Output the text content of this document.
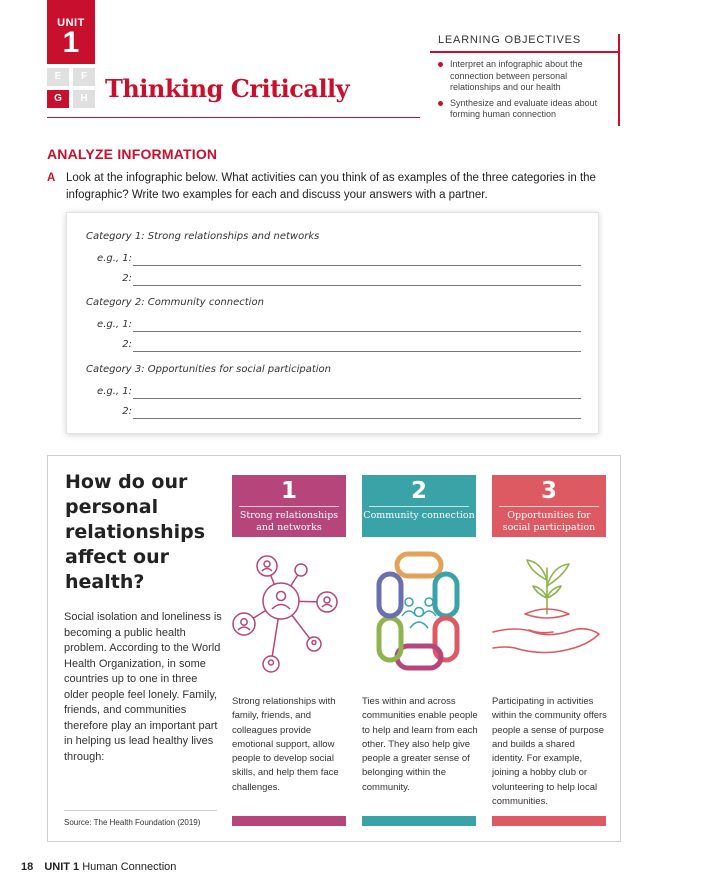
UNIT
1
E	F
G	H Thinking Critically
LEARNING OBJECTIVES
Interpret an infographic about the connection between personal relationships and our health
Synthesize and evaluate ideas about forming human connection
ANALYZE INFORMATION
A Look at the infographic below. What activities can you think of as examples of the three categories in the infographic? Write two examples for each and discuss your answers with a partner.
Category 1: Strong relationships and networks
e.g., 1:
2:
Category 2: Community connection
e.g., 1:
2:
Category 3: Opportunities for social participation
e.g., 1:
2:
How do our personal relationships affect our health?
Social isolation and loneliness is becoming a public health problem. According to the World Health Organization, in some countries up to one in three older people feel lonely. Family, friends, and communities therefore play an important part in helping us lead healthy lives through:
Source: The Health Foundation (2019)
1
Strong relationships and networks
Strong relationships with family, friends, and colleagues provide emotional support, allow people to develop social skills, and help them face challenges.
2
Community connection
Ties within and across communities enable people to help and learn from each other. They also help give people a greater sense of belonging within the community.
3
Opportunities for social participation
Participating in activities within the community offers people a sense of purpose and builds a shared identity. For example, joining a hobby club or volunteering to help local communities.
18 UNIT 1 Human Connection
